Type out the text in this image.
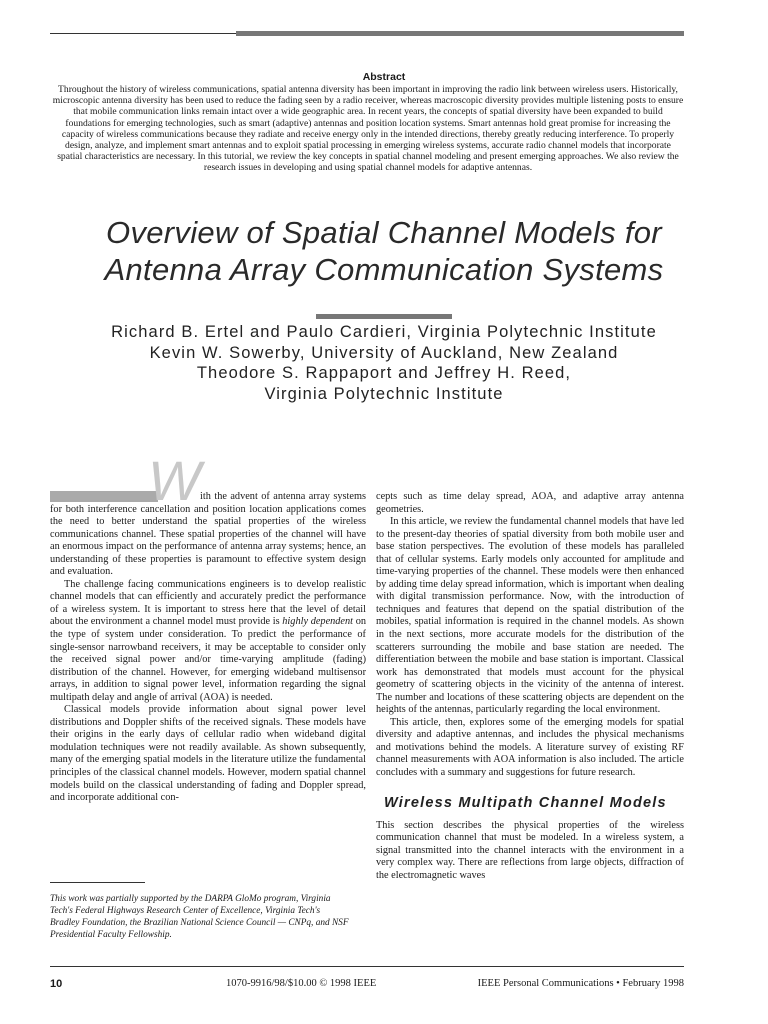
Abstract
Throughout the history of wireless communications, spatial antenna diversity has been important in improving the radio link between wireless users. Historically, microscopic antenna diversity has been used to reduce the fading seen by a radio receiver, whereas macroscopic diversity provides multiple listening posts to ensure that mobile communication links remain intact over a wide geographic area. In recent years, the concepts of spatial diversity have been expanded to build foundations for emerging technologies, such as smart (adaptive) antennas and position location systems. Smart antennas hold great promise for increasing the capacity of wireless communications because they radiate and receive energy only in the intended directions, thereby greatly reducing interference. To properly design, analyze, and implement smart antennas and to exploit spatial processing in emerging wireless systems, accurate radio channel models that incorporate spatial characteristics are necessary. In this tutorial, we review the key concepts in spatial channel modeling and present emerging approaches. We also review the research issues in developing and using spatial channel models for adaptive antennas.
Overview of Spatial Channel Models for
Antenna Array Communication Systems
Richard B. Ertel and Paulo Cardieri, Virginia Polytechnic Institute
Kevin W. Sowerby, University of Auckland, New Zealand
Theodore S. Rappaport and Jeffrey H. Reed,
Virginia Polytechnic Institute
W ith the advent of antenna array systems for both interference cancellation and position location applications comes the need to better understand the spatial properties of the wireless communications channel. These spatial properties of the channel will have an enormous impact on the performance of antenna array systems; hence, an understanding of these properties is paramount to effective system design and evaluation.

The challenge facing communications engineers is to develop realistic channel models that can efficiently and accurately predict the performance of a wireless system. It is important to stress here that the level of detail about the environment a channel model must provide is highly dependent on the type of system under consideration. To predict the performance of single-sensor narrowband receivers, it may be acceptable to consider only the received signal power and/or time-varying amplitude (fading) distribution of the channel. However, for emerging wideband multisensor arrays, in addition to signal power level, information regarding the signal multipath delay and angle of arrival (AOA) is needed.

Classical models provide information about signal power level distributions and Doppler shifts of the received signals. These models have their origins in the early days of cellular radio when wideband digital modulation techniques were not readily available. As shown subsequently, many of the emerging spatial models in the literature utilize the fundamental principles of the classical channel models. However, modern spatial channel models build on the classical understanding of fading and Doppler spread, and incorporate additional con-

cepts such as time delay spread, AOA, and adaptive array antenna geometries.

In this article, we review the fundamental channel models that have led to the present-day theories of spatial diversity from both mobile user and base station perspectives. The evolution of these models has paralleled that of cellular systems. Early models only accounted for amplitude and time-varying properties of the channel. These models were then enhanced by adding time delay spread information, which is important when dealing with digital transmission performance. Now, with the introduction of techniques and features that depend on the spatial distribution of the mobiles, spatial information is required in the channel models. As shown in the next sections, more accurate models for the distribution of the scatterers surrounding the mobile and base station are needed. The differentiation between the mobile and base station is important. Classical work has demonstrated that models must account for the physical geometry of scattering objects in the vicinity of the antenna of interest. The number and locations of these scattering objects are dependent on the heights of the antennas, particularly regarding the local environment.

This article, then, explores some of the emerging models for spatial diversity and adaptive antennas, and includes the physical mechanisms and motivations behind the models. A literature survey of existing RF channel measurements with AOA information is also included. The article concludes with a summary and suggestions for future research.

Wireless Multipath Channel Models

This section describes the physical properties of the wireless communication channel that must be modeled. In a wireless system, a signal transmitted into the channel interacts with the environment in a very complex way. There are reflections from large objects, diffraction of the electromagnetic waves

This work was partially supported by the DARPA GloMo program, Virginia Tech's Federal Highways Research Center of Excellence, Virginia Tech's Bradley Foundation, the Brazilian National Science Council — CNPq, and NSF Presidential Faculty Fellowship.
10	1070-9916/98/$10.00 © 1998 IEEE	IEEE Personal Communications • February 1998
